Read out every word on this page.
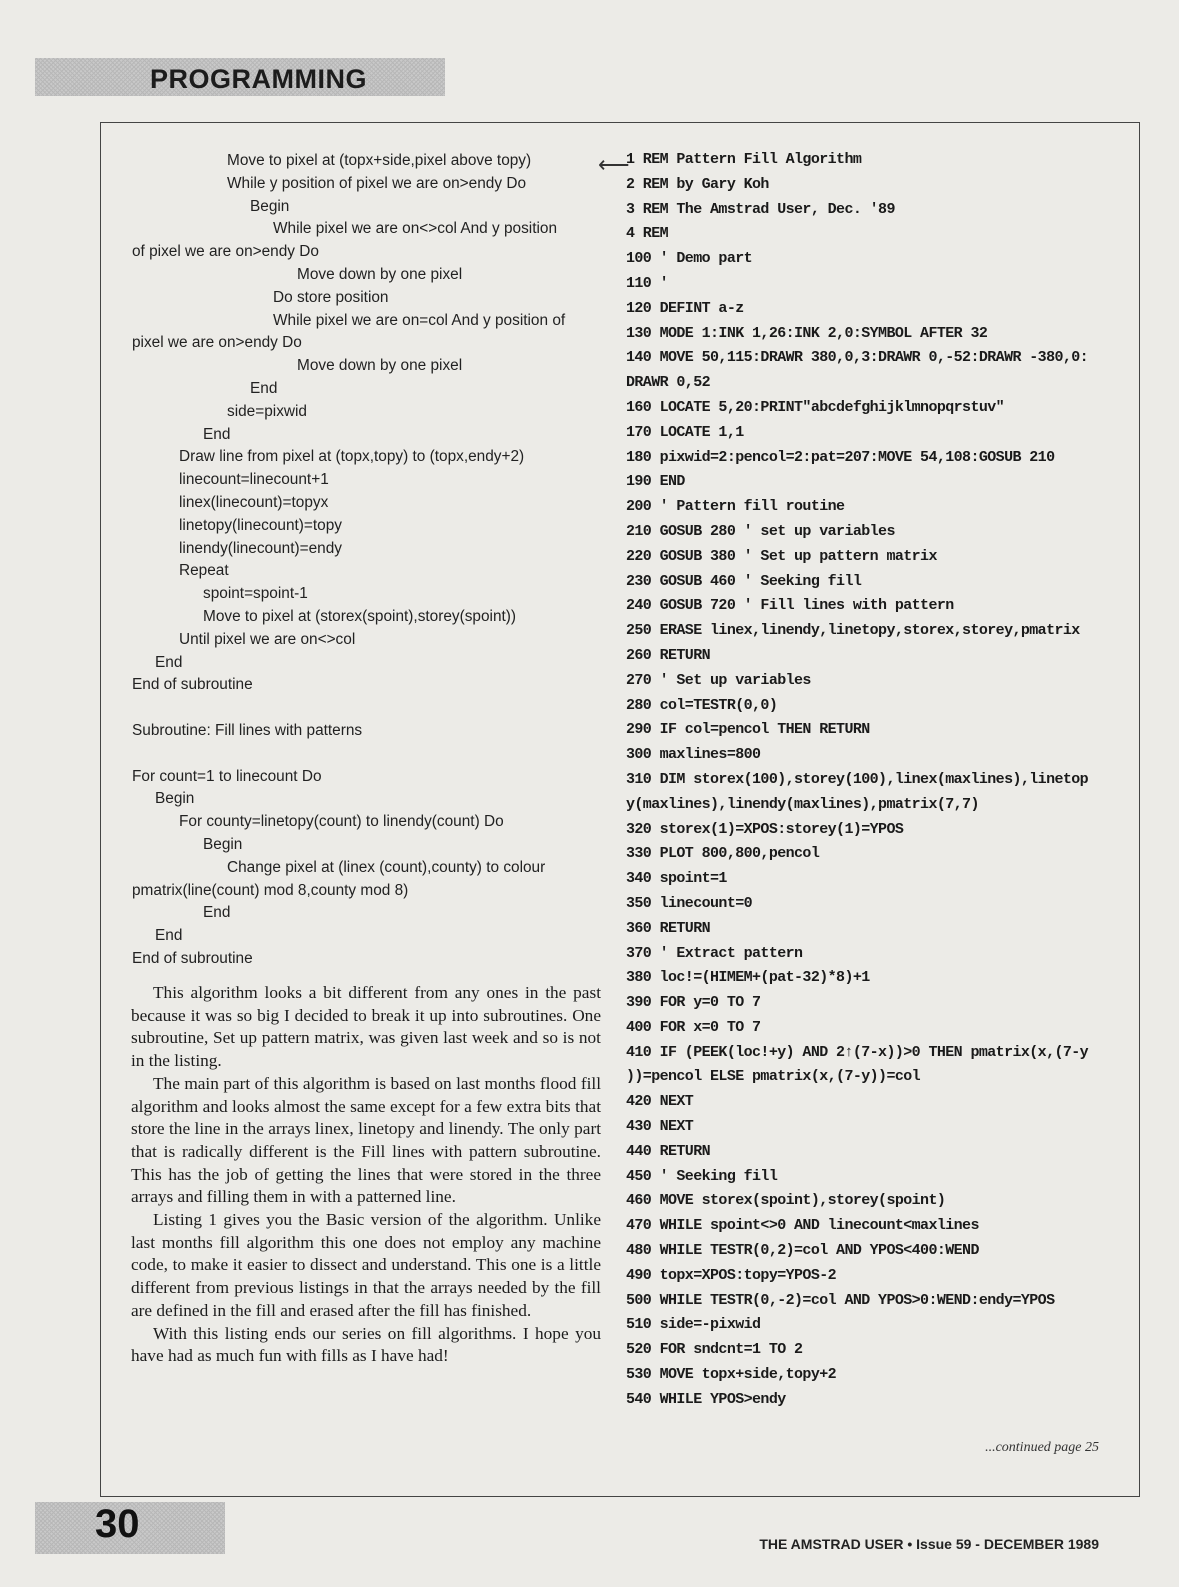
PROGRAMMING
Move to pixel at (topx+side,pixel above topy)
While y position of pixel we are on>endy Do
Begin
While pixel we are on<>col And y position
of pixel we are on>endy Do
Move down by one pixel
Do store position
While pixel we are on=col And y position of
pixel we are on>endy Do
Move down by one pixel
End
side=pixwid
End
Draw line from pixel at (topx,topy) to (topx,endy+2)
linecount=linecount+1
linex(linecount)=topyx
linetopy(linecount)=topy
linendy(linecount)=endy
Repeat
spoint=spoint-1
Move to pixel at (storex(spoint),storey(spoint))
Until pixel we are on<>col
End
End of subroutine
Subroutine: Fill lines with patterns
For count=1 to linecount Do
Begin
For county=linetopy(count) to linendy(count) Do
Begin
Change pixel at (linex (count),county) to colour
pmatrix(line(count) mod 8,county mod 8)
End
End
End of subroutine
⟵

This algorithm looks a bit different from any ones in the past because it was so big I decided to break it up into subroutines. One subroutine, Set up pattern matrix, was given last week and so is not in the listing.

The main part of this algorithm is based on last months flood fill algorithm and looks almost the same except for a few extra bits that store the line in the arrays linex, linetopy and linendy. The only part that is radically different is the Fill lines with pattern subroutine. This has the job of getting the lines that were stored in the three arrays and filling them in with a patterned line.

Listing 1 gives you the Basic version of the algorithm. Unlike last months fill algorithm this one does not employ any machine code, to make it easier to dissect and understand. This one is a little different from previous listings in that the arrays needed by the fill are defined in the fill and erased after the fill has finished.

With this listing ends our series on fill algorithms. I hope you have had as much fun with fills as I have had!

1 REM Pattern Fill Algorithm
2 REM by Gary Koh
3 REM The Amstrad User, Dec. '89
4 REM
100 ' Demo part
110 '
120 DEFINT a-z
130 MODE 1:INK 1,26:INK 2,0:SYMBOL AFTER 32
140 MOVE 50,115:DRAWR 380,0,3:DRAWR 0,-52:DRAWR -380,0:
DRAWR 0,52
160 LOCATE 5,20:PRINT"abcdefghijklmnopqrstuv"
170 LOCATE 1,1
180 pixwid=2:pencol=2:pat=207:MOVE 54,108:GOSUB 210
190 END
200 ' Pattern fill routine
210 GOSUB 280 ' set up variables
220 GOSUB 380 ' Set up pattern matrix
230 GOSUB 460 ' Seeking fill
240 GOSUB 720 ' Fill lines with pattern
250 ERASE linex,linendy,linetopy,storex,storey,pmatrix
260 RETURN
270 ' Set up variables
280 col=TESTR(0,0)
290 IF col=pencol THEN RETURN
300 maxlines=800
310 DIM storex(100),storey(100),linex(maxlines),linetop
y(maxlines),linendy(maxlines),pmatrix(7,7)
320 storex(1)=XPOS:storey(1)=YPOS
330 PLOT 800,800,pencol
340 spoint=1
350 linecount=0
360 RETURN
370 ' Extract pattern
380 loc!=(HIMEM+(pat-32)*8)+1
390 FOR y=0 TO 7
400 FOR x=0 TO 7
410 IF (PEEK(loc!+y) AND 2↑(7-x))>0 THEN pmatrix(x,(7-y
))=pencol ELSE pmatrix(x,(7-y))=col
420 NEXT
430 NEXT
440 RETURN
450 ' Seeking fill
460 MOVE storex(spoint),storey(spoint)
470 WHILE spoint<>0 AND linecount<maxlines
480 WHILE TESTR(0,2)=col AND YPOS<400:WEND
490 topx=XPOS:topy=YPOS-2
500 WHILE TESTR(0,-2)=col AND YPOS>0:WEND:endy=YPOS
510 side=-pixwid
520 FOR sndcnt=1 TO 2
530 MOVE topx+side,topy+2
540 WHILE YPOS>endy
...continued page 25
30	THE AMSTRAD USER • Issue 59 - DECEMBER 1989
